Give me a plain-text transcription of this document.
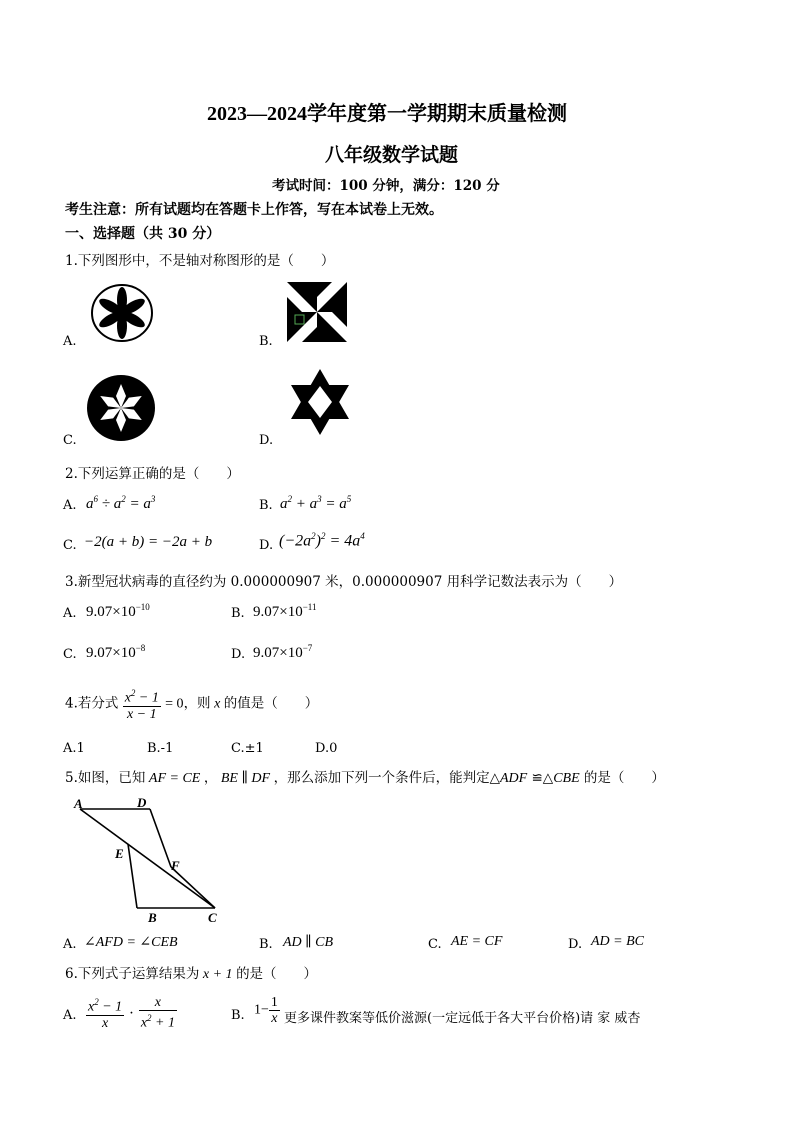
2023—2024学年度第一学期期末质量检测
八年级数学试题
考试时间：100 分钟，满分：120 分
考生注意：所有试题均在答题卡上作答，写在本试卷上无效。
一、选择题（共 30 分）
1.下列图形中，不是轴对称图形的是（　　）
A.	B.
C.	D.
2.下列运算正确的是（　　）
A. $a^6 \div a^2 = a^3$	B. $a^2 + a^3 = a^5$
C. −2(a + b) = −2a + b	D. $(-2a^2)^2 = 4a^4$
3.新型冠状病毒的直径约为 0.000000907 米，0.000000907 用科学记数法表示为（　　）
A. $9.07\times 10^{-10}$	B. $9.07\times 10^{-11}$
C. $9.07\times 10^{-8}$	D. $9.07\times 10^{-7}$
4.若分式 $\frac{x^2 - 1}{x - 1} = 0$，则 x 的值是（　　）
A.1	B.-1	C.±1	D.0
5.如图，已知 AF = CE ， BE ∥ DF ，那么添加下列一个条件后，能判定△ADF ≌△CBE 的是（　　）
A	D
E
F
B	C
A. ∠AFD = ∠CEB	B. AD ∥ CB	C. AE = CF	D. AD = BC
6.下列式子运算结果为 x + 1 的是（　　）
A. $\frac{x^2 - 1}{x} \cdot \frac{x}{x^2 + 1}$	B. $1- \frac{1}{x}$ 更多课件教案等低价滋源(一定远低于各大平台价格)请 家 威杏
